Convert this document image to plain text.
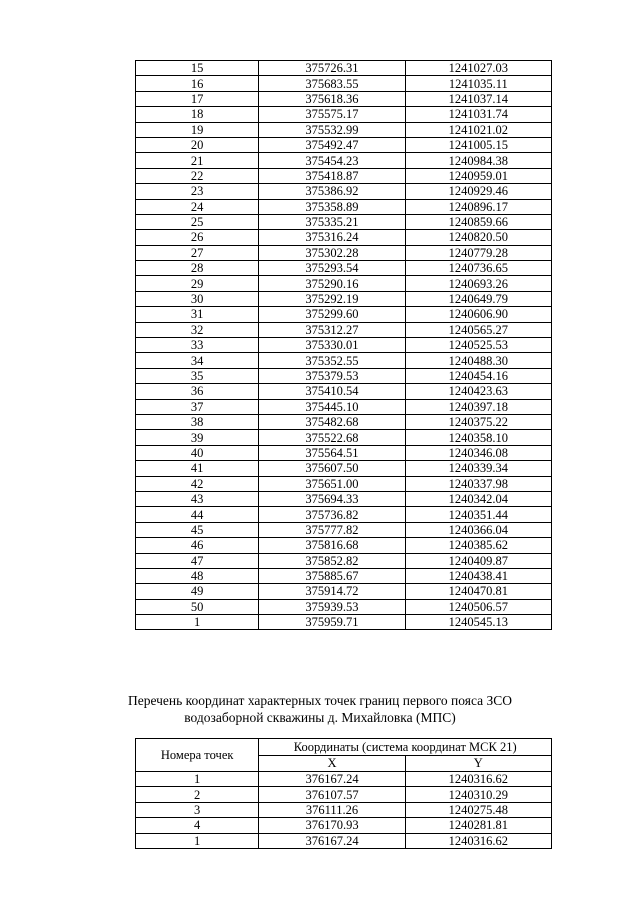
15	375726.31	1241027.03
16	375683.55	1241035.11
17	375618.36	1241037.14
18	375575.17	1241031.74
19	375532.99	1241021.02
20	375492.47	1241005.15
21	375454.23	1240984.38
22	375418.87	1240959.01
23	375386.92	1240929.46
24	375358.89	1240896.17
25	375335.21	1240859.66
26	375316.24	1240820.50
27	375302.28	1240779.28
28	375293.54	1240736.65
29	375290.16	1240693.26
30	375292.19	1240649.79
31	375299.60	1240606.90
32	375312.27	1240565.27
33	375330.01	1240525.53
34	375352.55	1240488.30
35	375379.53	1240454.16
36	375410.54	1240423.63
37	375445.10	1240397.18
38	375482.68	1240375.22
39	375522.68	1240358.10
40	375564.51	1240346.08
41	375607.50	1240339.34
42	375651.00	1240337.98
43	375694.33	1240342.04
44	375736.82	1240351.44
45	375777.82	1240366.04
46	375816.68	1240385.62
47	375852.82	1240409.87
48	375885.67	1240438.41
49	375914.72	1240470.81
50	375939.53	1240506.57
1	375959.71	1240545.13
Перечень координат характерных точек границ первого пояса ЗСО
водозаборной скважины д. Михайловка (МПС)
Номера точек	Координаты (система координат МСК 21)	
	X	Y
1	376167.24	1240316.62
2	376107.57	1240310.29
3	376111.26	1240275.48
4	376170.93	1240281.81
1	376167.24	1240316.62
